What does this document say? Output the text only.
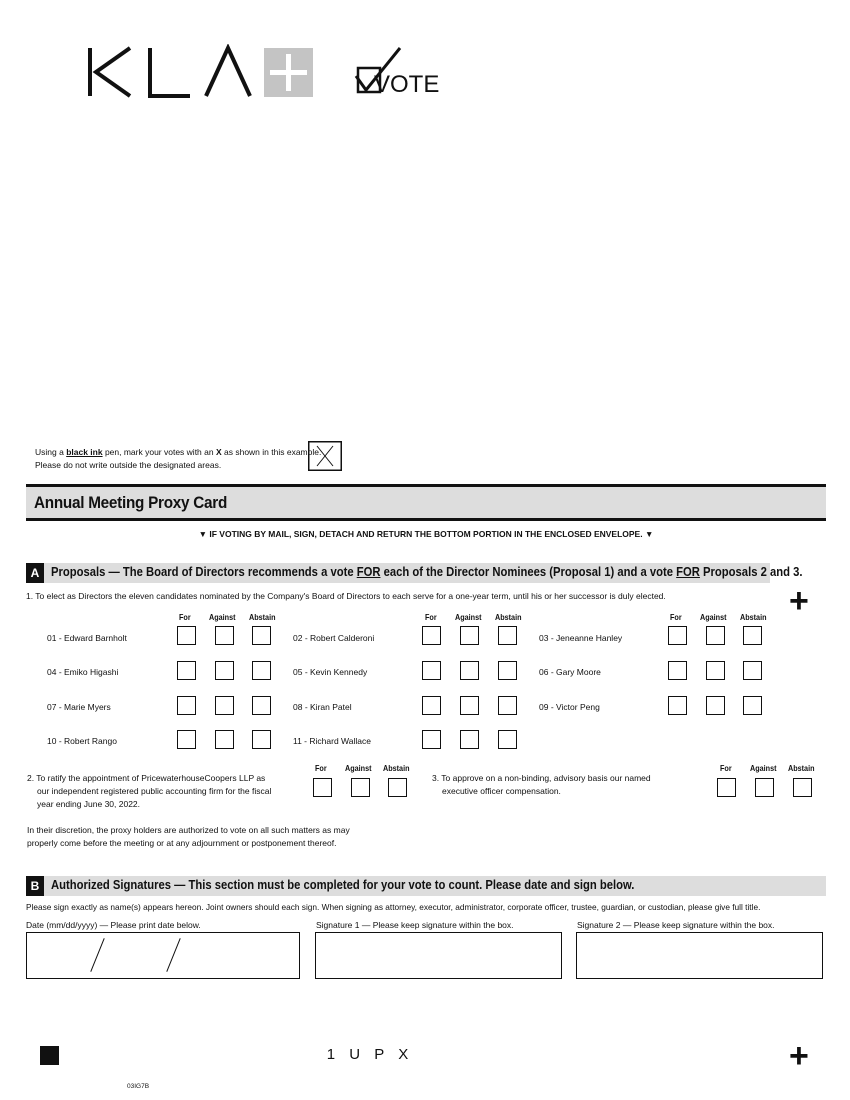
VOTE
Using a black ink pen, mark your votes with an X as shown in this example.
Please do not write outside the designated areas.
Annual Meeting Proxy Card
▼ IF VOTING BY MAIL, SIGN, DETACH AND RETURN THE BOTTOM PORTION IN THE ENCLOSED ENVELOPE. ▼
A Proposals — The Board of Directors recommends a vote FOR each of the Director Nominees (Proposal 1) and a vote FOR Proposals 2 and 3.
+
1. To elect as Directors the eleven candidates nominated by the Company's Board of Directors to each serve for a one-year term, until his or her successor is duly elected.
For Against Abstain	For Against Abstain	For Against Abstain
01 - Edward Barnholt	02 - Robert Calderoni	03 - Jeneanne Hanley
04 - Emiko Higashi	05 - Kevin Kennedy	06 - Gary Moore
07 - Marie Myers	08 - Kiran Patel	09 - Victor Peng
10 - Robert Rango	11 - Richard Wallace
For Against Abstain
2. To ratify the appointment of PricewaterhouseCoopers LLP as
our independent registered public accounting firm for the fiscal
year ending June 30, 2022.
For Against Abstain
3. To approve on a non-binding, advisory basis our named
executive officer compensation.
In their discretion, the proxy holders are authorized to vote on all such matters as may
properly come before the meeting or at any adjournment or postponement thereof.
B Authorized Signatures — This section must be completed for your vote to count. Please date and sign below.
Please sign exactly as name(s) appears hereon. Joint owners should each sign. When signing as attorney, executor, administrator, corporate officer, trustee, guardian, or custodian, please give full title.
Date (mm/dd/yyyy) — Please print date below.	Signature 1 — Please keep signature within the box.	Signature 2 — Please keep signature within the box.
1 U P X	+
03IG7B
